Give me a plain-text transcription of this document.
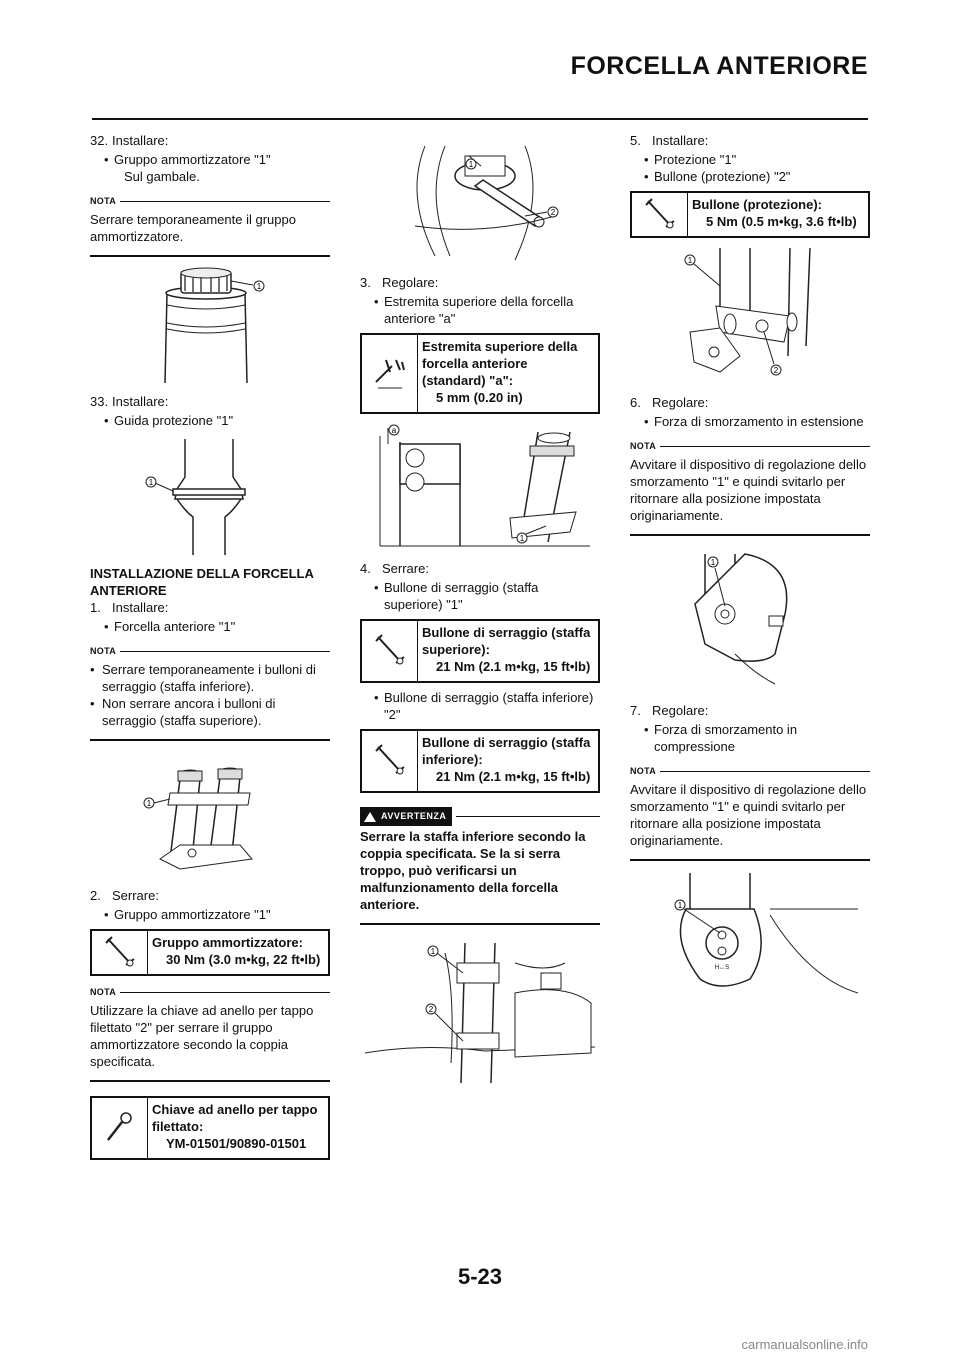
FORCELLA ANTERIORE
32. Installare:
• Gruppo ammortizzatore "1"
Sul gambale.
NOTA
Serrare temporaneamente il gruppo ammortizzatore.
1
33. Installare:
• Guida protezione "1"
1
INSTALLAZIONE DELLA FORCELLA ANTERIORE
1. Installare:
• Forcella anteriore "1"
NOTA
• Serrare temporaneamente i bulloni di serraggio (staffa inferiore).
• Non serrare ancora i bulloni di serraggio (staffa superiore).
1
2. Serrare:
• Gruppo ammortizzatore "1"
Gruppo ammortizzatore:
30 Nm (3.0 m•kg, 22 ft•lb)
NOTA
Utilizzare la chiave ad anello per tappo filettato "2" per serrare il gruppo ammortizzatore secondo la coppia specificata.
Chiave ad anello per tappo filettato:
YM-01501/90890-01501
1
2
3. Regolare:
• Estremita superiore della forcella anteriore "a"
Estremita superiore della forcella anteriore (standard) "a":
5 mm (0.20 in)
a
1
4. Serrare:
• Bullone di serraggio (staffa superiore) "1"
Bullone di serraggio (staffa superiore):
21 Nm (2.1 m•kg, 15 ft•lb)
• Bullone di serraggio (staffa inferiore) "2"
Bullone di serraggio (staffa inferiore):
21 Nm (2.1 m•kg, 15 ft•lb)
AVVERTENZA
Serrare la staffa inferiore secondo la coppia specificata. Se la si serra troppo, può verificarsi un malfunzionamento della forcella anteriore.
1
2
5. Installare:
• Protezione "1"
• Bullone (protezione) "2"
Bullone (protezione):
5 Nm (0.5 m•kg, 3.6 ft•lb)
1
2
6. Regolare:
• Forza di smorzamento in estensione
NOTA
Avvitare il dispositivo di regolazione dello smorzamento "1" e quindi svitarlo per ritornare alla posizione impostata originariamente.
1
7. Regolare:
• Forza di smorzamento in compressione
NOTA
Avvitare il dispositivo di regolazione dello smorzamento "1" e quindi svitarlo per ritornare alla posizione impostata originariamente.
H↔S
1
5-23
carmanualsonline.info
